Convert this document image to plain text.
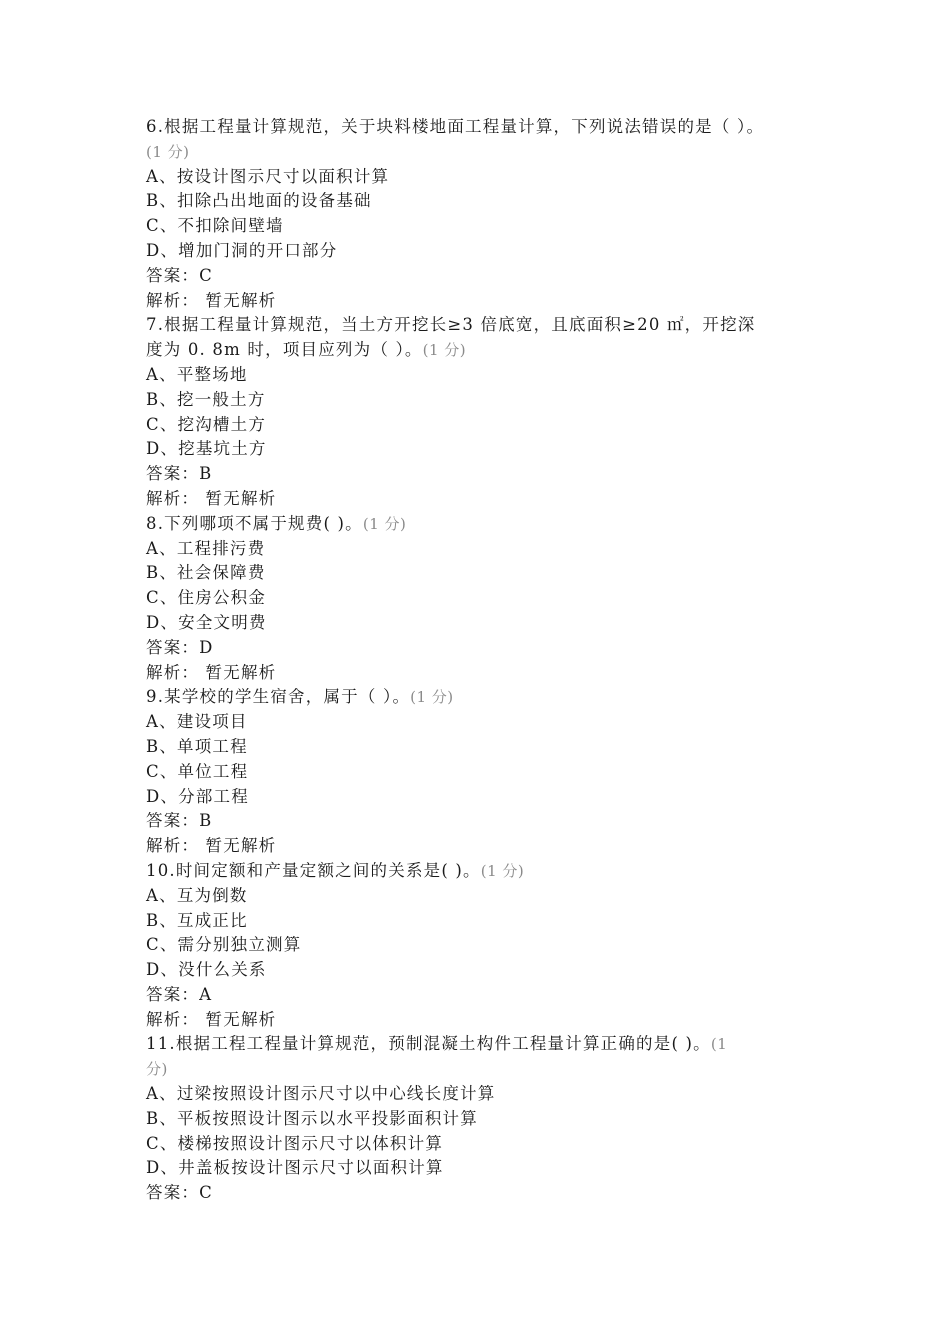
6.根据工程量计算规范，关于块料楼地面工程量计算，下列说法错误的是（ ）。
(1 分)
A、按设计图示尺寸以面积计算
B、扣除凸出地面的设备基础
C、不扣除间壁墙
D、增加门洞的开口部分
答案：C
解析： 暂无解析
7.根据工程量计算规范，当土方开挖长≥3 倍底宽，且底面积≥20 ㎡，开挖深
度为 0. 8m 时，项目应列为（ ）。(1 分)
A、平整场地
B、挖一般土方
C、挖沟槽土方
D、挖基坑土方
答案：B
解析： 暂无解析
8.下列哪项不属于规费( )。(1 分)
A、工程排污费
B、社会保障费
C、住房公积金
D、安全文明费
答案：D
解析： 暂无解析
9.某学校的学生宿舍，属于（ ）。(1 分)
A、建设项目
B、单项工程
C、单位工程
D、分部工程
答案：B
解析： 暂无解析
10.时间定额和产量定额之间的关系是( )。(1 分)
A、互为倒数
B、互成正比
C、需分别独立测算
D、没什么关系
答案：A
解析： 暂无解析
11.根据工程工程量计算规范，预制混凝土构件工程量计算正确的是( )。(1
分)
A、过梁按照设计图示尺寸以中心线长度计算
B、平板按照设计图示以水平投影面积计算
C、楼梯按照设计图示尺寸以体积计算
D、井盖板按设计图示尺寸以面积计算
答案：C
